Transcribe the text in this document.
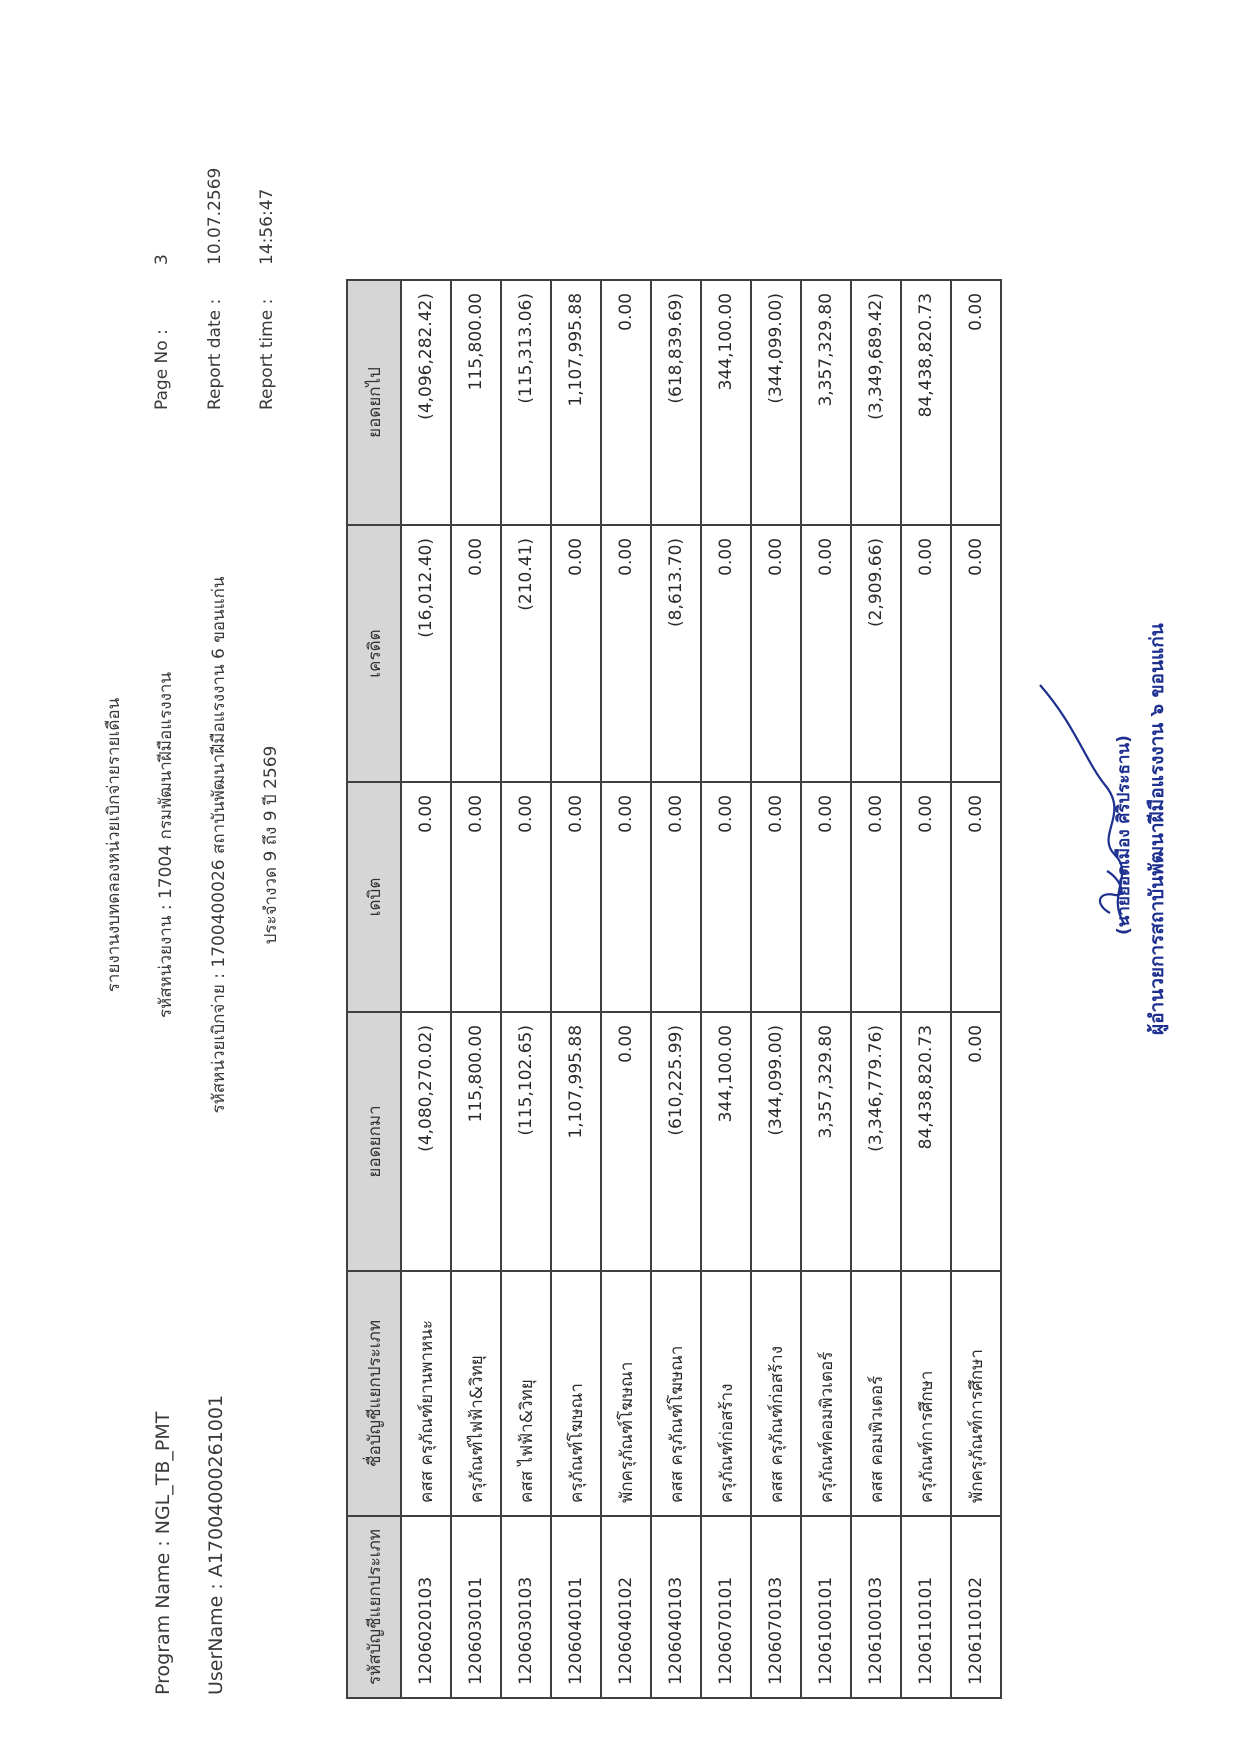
Program Name : NGL_TB_PMT UserName : A17004000261001
รายงานงบทดลองหน่วยเบิกจ่ายรายเดือน รหัสหน่วยงาน : 17004 กรมพัฒนาฝีมือแรงงาน รหัสหน่วยเบิกจ่าย : 1700400026 สถาบันพัฒนาฝีมือแรงงาน 6 ขอนแก่น ประจำงวด 9 ถึง 9 ปี 2569
Page No :
3
Report date :
10.07.2569
Report time :
14:56:47
รหัสบัญชีแยกประเภท	ชื่อบัญชีแยกประเภท	ยอดยกมา	เดบิต	เครดิต	ยอดยกไป
1206020103	คสส ครุภัณฑ์ยานพาหนะ	(4,080,270.02)	0.00	(16,012.40)	(4,096,282.42)
1206030101	ครุภัณฑ์ไฟฟ้า&วิทยุ	115,800.00	0.00	0.00	115,800.00
1206030103	คสส ไฟฟ้า&วิทยุ	(115,102.65)	0.00	(210.41)	(115,313.06)
1206040101	ครุภัณฑ์โฆษณา	1,107,995.88	0.00	0.00	1,107,995.88
1206040102	พักครุภัณฑ์โฆษณา	0.00	0.00	0.00	0.00
1206040103	คสส ครุภัณฑ์โฆษณา	(610,225.99)	0.00	(8,613.70)	(618,839.69)
1206070101	ครุภัณฑ์ก่อสร้าง	344,100.00	0.00	0.00	344,100.00
1206070103	คสส ครุภัณฑ์ก่อสร้าง	(344,099.00)	0.00	0.00	(344,099.00)
1206100101	ครุภัณฑ์คอมพิวเตอร์	3,357,329.80	0.00	0.00	3,357,329.80
1206100103	คสส คอมพิวเตอร์	(3,346,779.76)	0.00	(2,909.66)	(3,349,689.42)
1206110101	ครุภัณฑ์การศึกษา	84,438,820.73	0.00	0.00	84,438,820.73
1206110102	พักครุภัณฑ์การศึกษา	0.00	0.00	0.00	0.00
(นายยอดเมือง ศิริประธาน) ผู้อำนวยการสถาบันพัฒนาฝีมือแรงงาน ๖ ขอนแก่น
